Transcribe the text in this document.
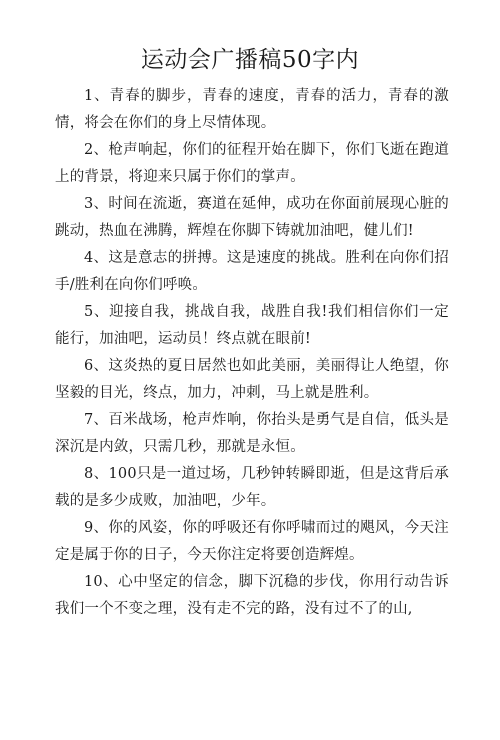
运动会广播稿50字内

1、青春的脚步，青春的速度，青春的活力，青春的激情，将会在你们的身上尽情体现。

2、枪声响起，你们的征程开始在脚下，你们飞逝在跑道上的背景，将迎来只属于你们的掌声。

3、时间在流逝，赛道在延伸，成功在你面前展现心脏的跳动，热血在沸腾，辉煌在你脚下铸就加油吧，健儿们!

4、这是意志的拼搏。这是速度的挑战。胜利在向你们招手/胜利在向你们呼唤。

5、迎接自我，挑战自我，战胜自我!我们相信你们一定能行，加油吧，运动员！终点就在眼前!

6、这炎热的夏日居然也如此美丽，美丽得让人绝望，你坚毅的目光，终点，加力，冲刺，马上就是胜利。

7、百米战场，枪声炸响，你抬头是勇气是自信，低头是深沉是内敛，只需几秒，那就是永恒。

8、100只是一道过场，几秒钟转瞬即逝，但是这背后承载的是多少成败，加油吧，少年。

9、你的风姿，你的呼吸还有你呼啸而过的飓风，今天注定是属于你的日子，今天你注定将要创造辉煌。

10、心中坚定的信念，脚下沉稳的步伐，你用行动告诉我们一个不变之理，没有走不完的路，没有过不了的山,
